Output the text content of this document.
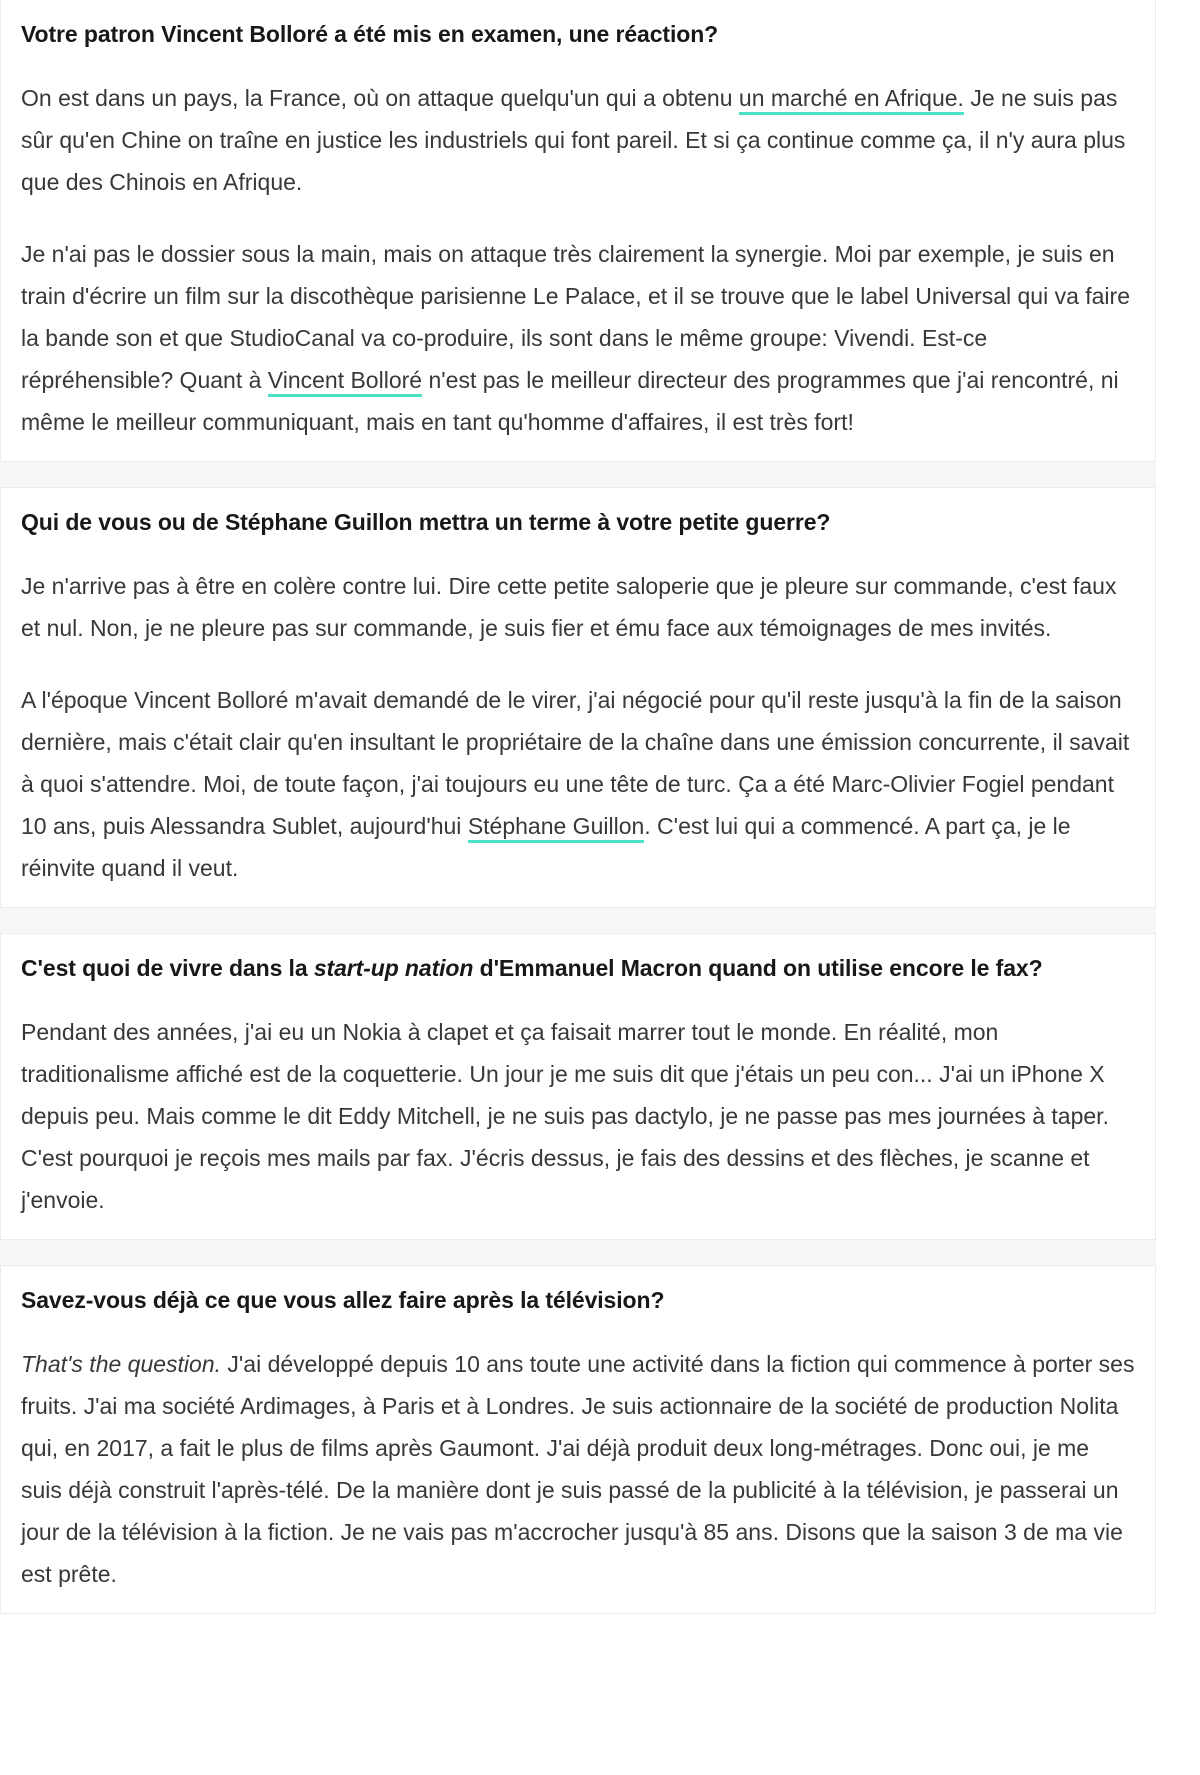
Votre patron Vincent Bolloré a été mis en examen, une réaction?

On est dans un pays, la France, où on attaque quelqu'un qui a obtenu un marché en Afrique. Je ne suis pas sûr qu'en Chine on traîne en justice les industriels qui font pareil. Et si ça continue comme ça, il n'y aura plus que des Chinois en Afrique.

Je n'ai pas le dossier sous la main, mais on attaque très clairement la synergie. Moi par exemple, je suis en train d'écrire un film sur la discothèque parisienne Le Palace, et il se trouve que le label Universal qui va faire la bande son et que StudioCanal va co-produire, ils sont dans le même groupe: Vivendi. Est-ce répréhensible? Quant à Vincent Bolloré n'est pas le meilleur directeur des programmes que j'ai rencontré, ni même le meilleur communiquant, mais en tant qu'homme d'affaires, il est très fort!

Qui de vous ou de Stéphane Guillon mettra un terme à votre petite guerre?

Je n'arrive pas à être en colère contre lui. Dire cette petite saloperie que je pleure sur commande, c'est faux et nul. Non, je ne pleure pas sur commande, je suis fier et ému face aux témoignages de mes invités.

A l'époque Vincent Bolloré m'avait demandé de le virer, j'ai négocié pour qu'il reste jusqu'à la fin de la saison dernière, mais c'était clair qu'en insultant le propriétaire de la chaîne dans une émission concurrente, il savait à quoi s'attendre. Moi, de toute façon, j'ai toujours eu une tête de turc. Ça a été Marc-Olivier Fogiel pendant 10 ans, puis Alessandra Sublet, aujourd'hui Stéphane Guillon. C'est lui qui a commencé. A part ça, je le réinvite quand il veut.

C'est quoi de vivre dans la start-up nation d'Emmanuel Macron quand on utilise encore le fax?

Pendant des années, j'ai eu un Nokia à clapet et ça faisait marrer tout le monde. En réalité, mon traditionalisme affiché est de la coquetterie. Un jour je me suis dit que j'étais un peu con... J'ai un iPhone X depuis peu. Mais comme le dit Eddy Mitchell, je ne suis pas dactylo, je ne passe pas mes journées à taper. C'est pourquoi je reçois mes mails par fax. J'écris dessus, je fais des dessins et des flèches, je scanne et j'envoie.

Savez-vous déjà ce que vous allez faire après la télévision?

That's the question. J'ai développé depuis 10 ans toute une activité dans la fiction qui commence à porter ses fruits. J'ai ma société Ardimages, à Paris et à Londres. Je suis actionnaire de la société de production Nolita qui, en 2017, a fait le plus de films après Gaumont. J'ai déjà produit deux long-métrages. Donc oui, je me suis déjà construit l'après-télé. De la manière dont je suis passé de la publicité à la télévision, je passerai un jour de la télévision à la fiction. Je ne vais pas m'accrocher jusqu'à 85 ans. Disons que la saison 3 de ma vie est prête.
